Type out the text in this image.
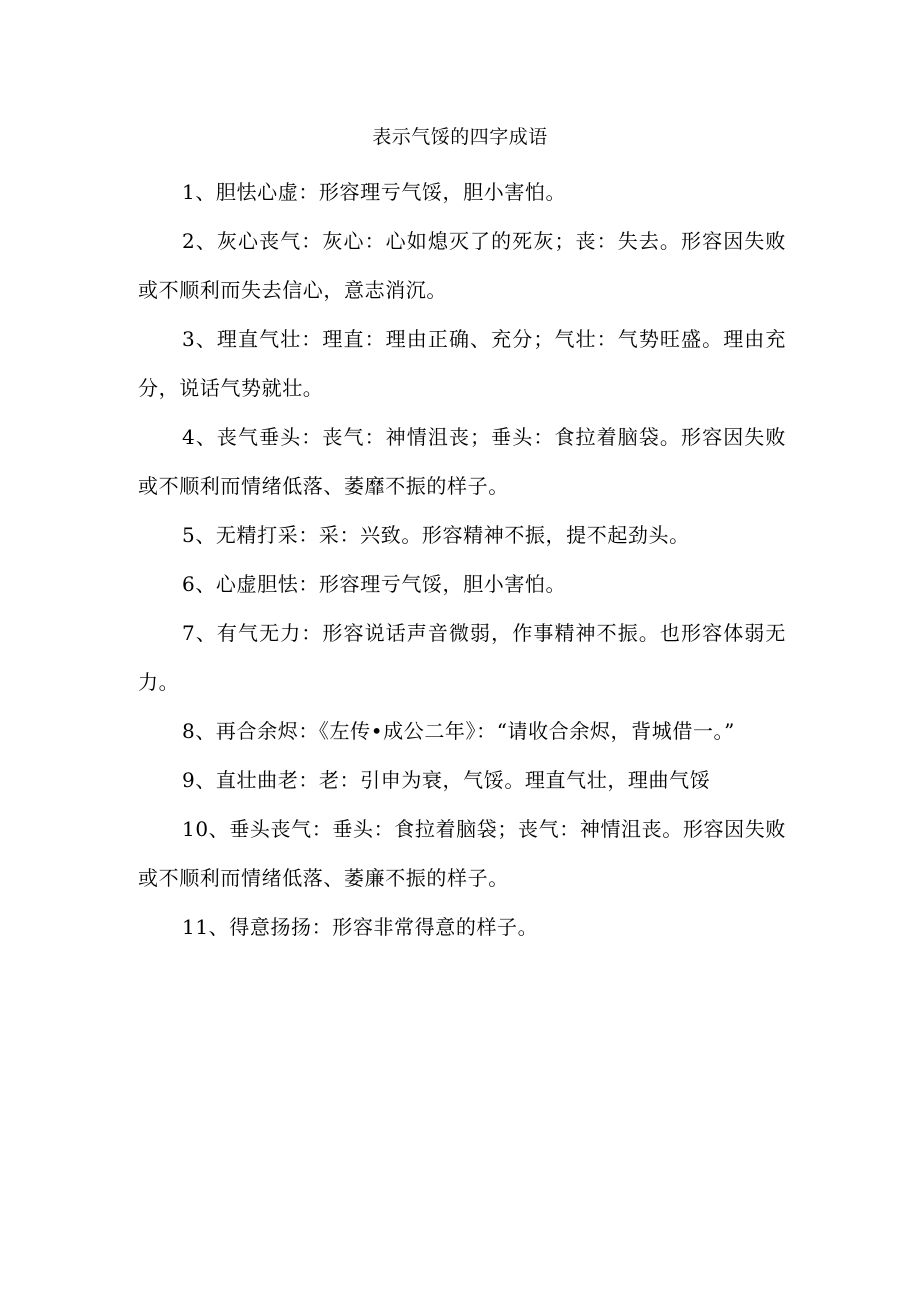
表示气馁的四字成语

1、胆怯心虚：形容理亏气馁，胆小害怕。

2、灰心丧气：灰心：心如熄灭了的死灰；丧：失去。形容因失败或不顺利而失去信心，意志消沉。

3、理直气壮：理直：理由正确、充分；气壮：气势旺盛。理由充分，说话气势就壮。

4、丧气垂头：丧气：神情沮丧；垂头：食拉着脑袋。形容因失败或不顺利而情绪低落、萎靡不振的样子。

5、无精打采：采：兴致。形容精神不振，提不起劲头。

6、心虚胆怯：形容理亏气馁，胆小害怕。

7、有气无力：形容说话声音微弱，作事精神不振。也形容体弱无力。

8、再合余烬：《左传•成公二年》：“请收合余烬，背城借一。”

9、直壮曲老：老：引申为衰，气馁。理直气壮，理曲气馁

10、垂头丧气：垂头：食拉着脑袋；丧气：神情沮丧。形容因失败或不顺利而情绪低落、萎廉不振的样子。

11、得意扬扬：形容非常得意的样子。
